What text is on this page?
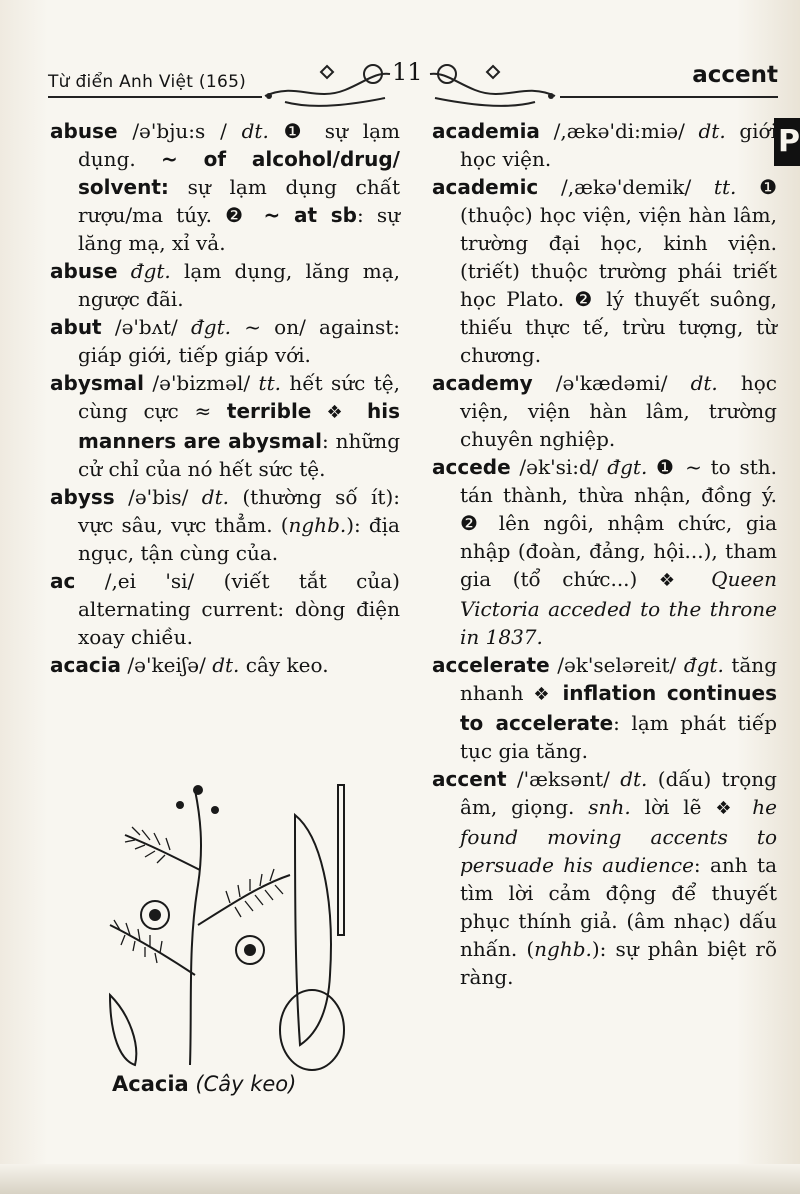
Từ điển Anh Việt (165)	11	accent
P

abuse /ə'bju:s / dt. ❶ sự lạm dụng. ~ of alcohol/drug/ solvent: sự lạm dụng chất rượu/ma túy. ❷ ~ at sb: sự lăng mạ, xỉ vả.

abuse đgt. lạm dụng, lăng mạ, ngược đãi.

abut /ə'bʌt/ đgt. ~ on/ against: giáp giới, tiếp giáp với.

abysmal /ə'bizməl/ tt. hết sức tệ, cùng cực ≈ terrible ❖ his manners are abysmal: những cử chỉ của nó hết sức tệ.

abyss /ə'bis/ dt. (thường số ít): vực sâu, vực thẳm. (nghb.): địa ngục, tận cùng của.

ac /,ei 'si/ (viết tắt của) alternating current: dòng điện xoay chiều.

acacia /ə'keiʃə/ dt. cây keo.

Acacia (Cây keo)

academia /,ækə'di:miə/ dt. giới học viện.

academic /,ækə'demik/ tt. ❶ (thuộc) học viện, viện hàn lâm, trường đại học, kinh viện. (triết) thuộc trường phái triết học Plato. ❷ lý thuyết suông, thiếu thực tế, trừu tượng, từ chương.

academy /ə'kædəmi/ dt. học viện, viện hàn lâm, trường chuyên nghiệp.

accede /ək'si:d/ đgt. ❶ ~ to sth. tán thành, thừa nhận, đồng ý. ❷ lên ngôi, nhậm chức, gia nhập (đoàn, đảng, hội...), tham gia (tổ chức...) ❖ Queen Victoria acceded to the throne in 1837.

accelerate /ək'seləreit/ đgt. tăng nhanh ❖ inflation continues to accelerate: lạm phát tiếp tục gia tăng.

accent /'æksənt/ dt. (dấu) trọng âm, giọng. snh. lời lẽ ❖ he found moving accents to persuade his audience: anh ta tìm lời cảm động để thuyết phục thính giả. (âm nhạc) dấu nhấn. (nghb.): sự phân biệt rõ ràng.
